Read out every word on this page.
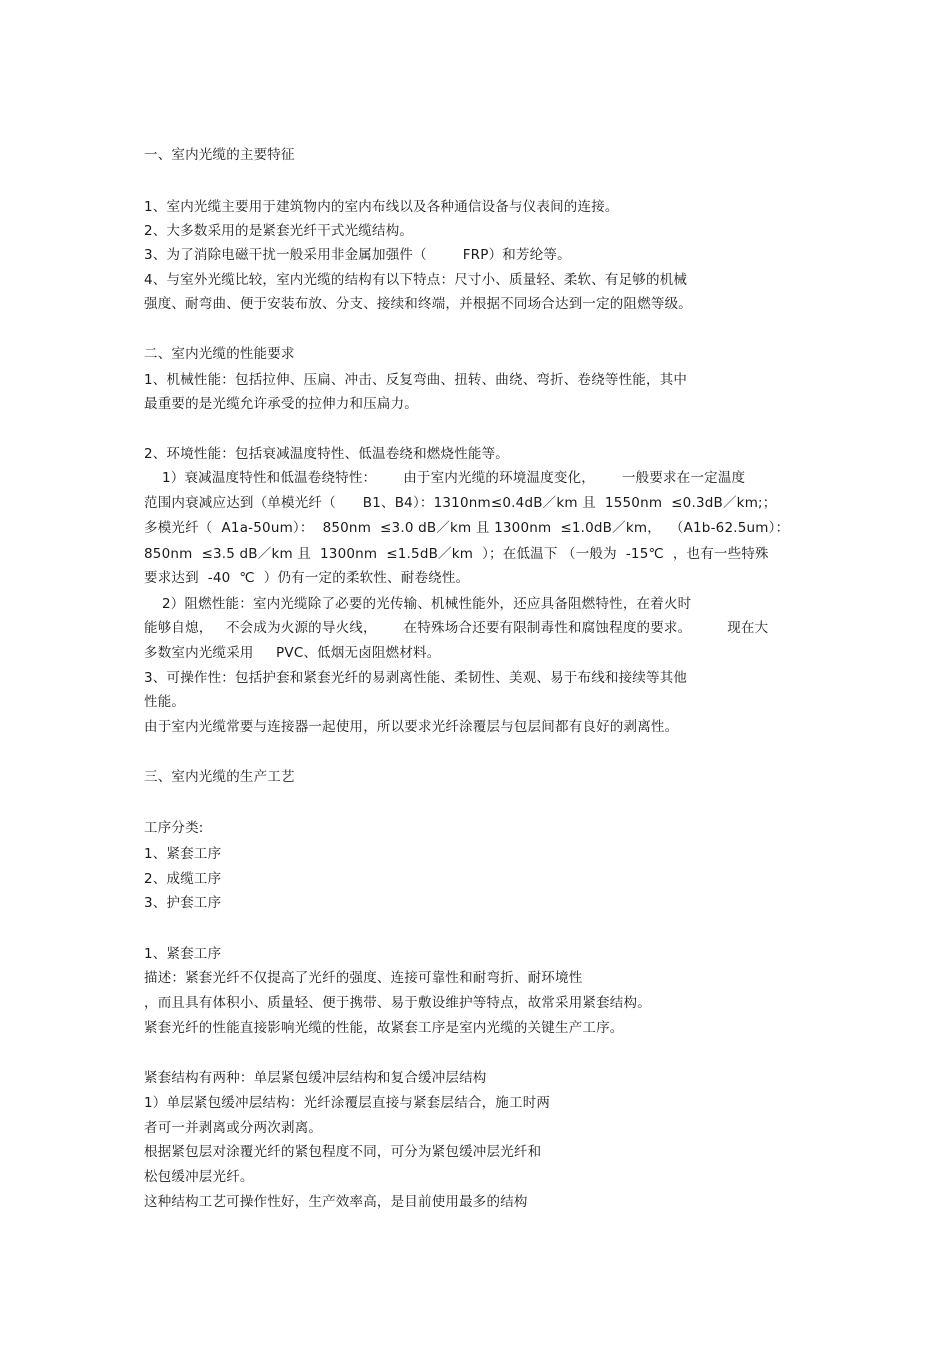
一、室内光缆的主要特征
1、室内光缆主要用于建筑物内的室内布线以及各种通信设备与仪表间的连接。
2、大多数采用的是紧套光纤干式光缆结构。
3、为了消除电磁干扰一般采用非金属加强件（        FRP）和芳纶等。
4、与室外光缆比较，室内光缆的结构有以下特点：尺寸小、质量轻、柔软、有足够的机械
强度、耐弯曲、便于安装布放、分支、接续和终端，并根据不同场合达到一定的阻燃等级。
二、室内光缆的性能要求
1、机械性能：包括拉伸、压扁、冲击、反复弯曲、扭转、曲绕、弯折、卷绕等性能，其中
最重要的是光缆允许承受的拉伸力和压扁力。
2、环境性能：包括衰减温度特性、低温卷绕和燃烧性能等。
1）衰减温度特性和低温卷绕特性：      由于室内光缆的环境温度变化，      一般要求在一定温度
范围内衰减应达到（单模光纤（      B1、B4）：1310nm≤0.4dB／km 且  1550nm  ≤0.3dB／km;；
多模光纤（  A1a-50um）：  850nm  ≤3.0 dB／km 且 1300nm  ≤1.0dB／km，  （A1b-62.5um）：
850nm  ≤3.5 dB／km 且  1300nm  ≤1.5dB／km  ）；在低温下 （一般为  -15℃  ，也有一些特殊
要求达到  -40  ℃  ）仍有一定的柔软性、耐卷绕性。
2）阻燃性能：室内光缆除了必要的光传输、机械性能外，还应具备阻燃特性，在着火时
能够自熄，   不会成为火源的导火线，      在特殊场合还要有限制毒性和腐蚀程度的要求。        现在大
多数室内光缆采用     PVC、低烟无卤阻燃材料。
3、可操作性：包括护套和紧套光纤的易剥离性能、柔韧性、美观、易于布线和接续等其他
性能。
由于室内光缆常要与连接器一起使用，所以要求光纤涂覆层与包层间都有良好的剥离性。
三、室内光缆的生产工艺
工序分类:
1、紧套工序
2、成缆工序
3、护套工序
1、紧套工序
描述：紧套光纤不仅提高了光纤的强度、连接可靠性和耐弯折、耐环境性
，而且具有体积小、质量轻、便于携带、易于敷设维护等特点，故常采用紧套结构。
紧套光纤的性能直接影响光缆的性能，故紧套工序是室内光缆的关键生产工序。
紧套结构有两种：单层紧包缓冲层结构和复合缓冲层结构
1）单层紧包缓冲层结构：光纤涂覆层直接与紧套层结合，施工时两
者可一并剥离或分两次剥离。
根据紧包层对涂覆光纤的紧包程度不同，可分为紧包缓冲层光纤和
松包缓冲层光纤。
这种结构工艺可操作性好，生产效率高，是目前使用最多的结构
